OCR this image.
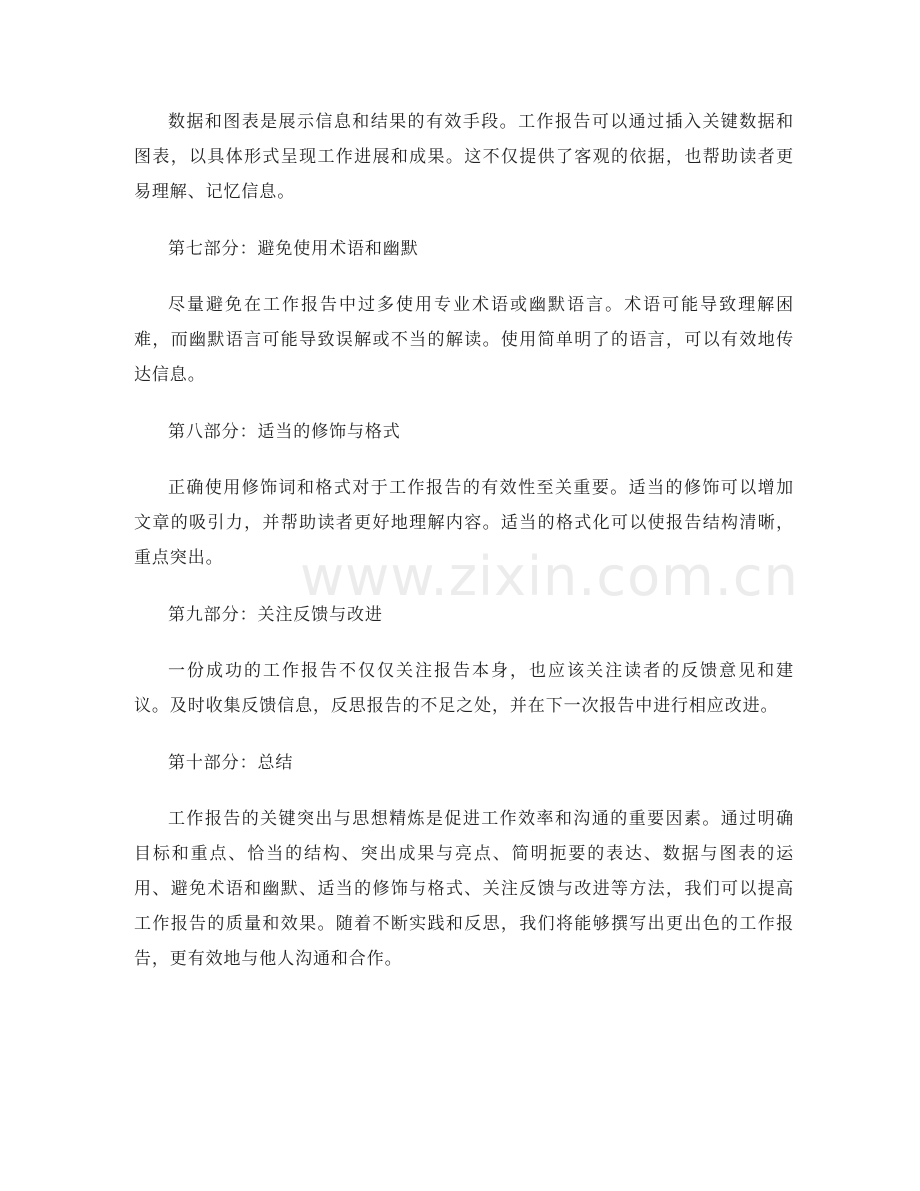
www.zixin.com.cn

数据和图表是展示信息和结果的有效手段。工作报告可以通过插入关键数据和图表，以具体形式呈现工作进展和成果。这不仅提供了客观的依据，也帮助读者更易理解、记忆信息。

第七部分：避免使用术语和幽默

尽量避免在工作报告中过多使用专业术语或幽默语言。术语可能导致理解困难，而幽默语言可能导致误解或不当的解读。使用简单明了的语言，可以有效地传达信息。

第八部分：适当的修饰与格式

正确使用修饰词和格式对于工作报告的有效性至关重要。适当的修饰可以增加文章的吸引力，并帮助读者更好地理解内容。适当的格式化可以使报告结构清晰，重点突出。

第九部分：关注反馈与改进

一份成功的工作报告不仅仅关注报告本身，也应该关注读者的反馈意见和建议。及时收集反馈信息，反思报告的不足之处，并在下一次报告中进行相应改进。

第十部分：总结

工作报告的关键突出与思想精炼是促进工作效率和沟通的重要因素。通过明确目标和重点、恰当的结构、突出成果与亮点、简明扼要的表达、数据与图表的运用、避免术语和幽默、适当的修饰与格式、关注反馈与改进等方法，我们可以提高工作报告的质量和效果。随着不断实践和反思，我们将能够撰写出更出色的工作报告，更有效地与他人沟通和合作。
